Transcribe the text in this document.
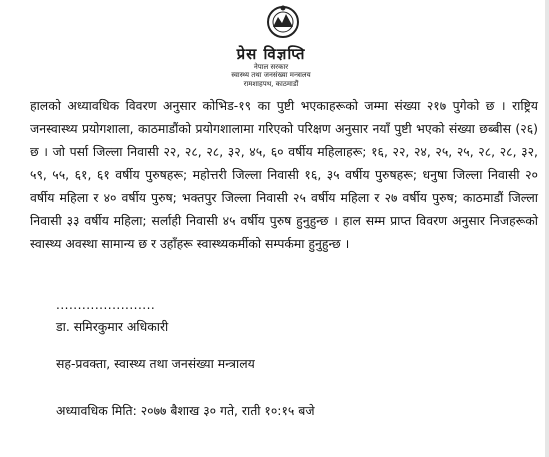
प्रेस विज्ञप्ति
नेपाल सरकार
स्वास्थ्य तथा जनसंख्या मन्त्रालय
रामशाहपथ, काठमाडौं

हालको अध्यावधिक विवरण अनुसार कोभिड-१९ का पुष्टी भएकाहरूको जम्मा संख्या २१७ पुगेको छ । राष्ट्रिय जनस्वास्थ्य प्रयोगशाला, काठमाडौंको प्रयोगशालामा गरिएको परिक्षण अनुसार नयाँ पुष्टी भएको संख्या छब्बीस (२६) छ । जो पर्सा जिल्ला निवासी २२, २८, २८, ३२, ४५, ६० वर्षीय महिलाहरू; १६, २२, २४, २५, २५, २८, २८, ३२, ५९, ५५, ६१, ६१ वर्षीय पुरुषहरू; महोत्तरी जिल्ला निवासी १६, ३५ वर्षीय पुरुषहरू; धनुषा जिल्ला निवासी २० वर्षीय महिला र ४० वर्षीय पुरुष; भक्तपुर जिल्ला निवासी २५ वर्षीय महिला र २७ वर्षीय पुरुष; काठमाडौं जिल्ला निवासी ३३ वर्षीय महिला; सर्लाही निवासी ४५ वर्षीय पुरुष हुनुहुन्छ । हाल सम्म प्राप्त विवरण अनुसार निजहरूको स्वास्थ्य अवस्था सामान्य छ र उहाँहरू स्वास्थ्यकर्मीको सम्पर्कमा हुनुहुन्छ ।

.......................
डा. समिरकुमार अधिकारी
सह-प्रवक्ता, स्वास्थ्य तथा जनसंख्या मन्त्रालय
अध्यावधिक मिति: २०७७ बैशाख ३० गते, राती १०:१५ बजे
